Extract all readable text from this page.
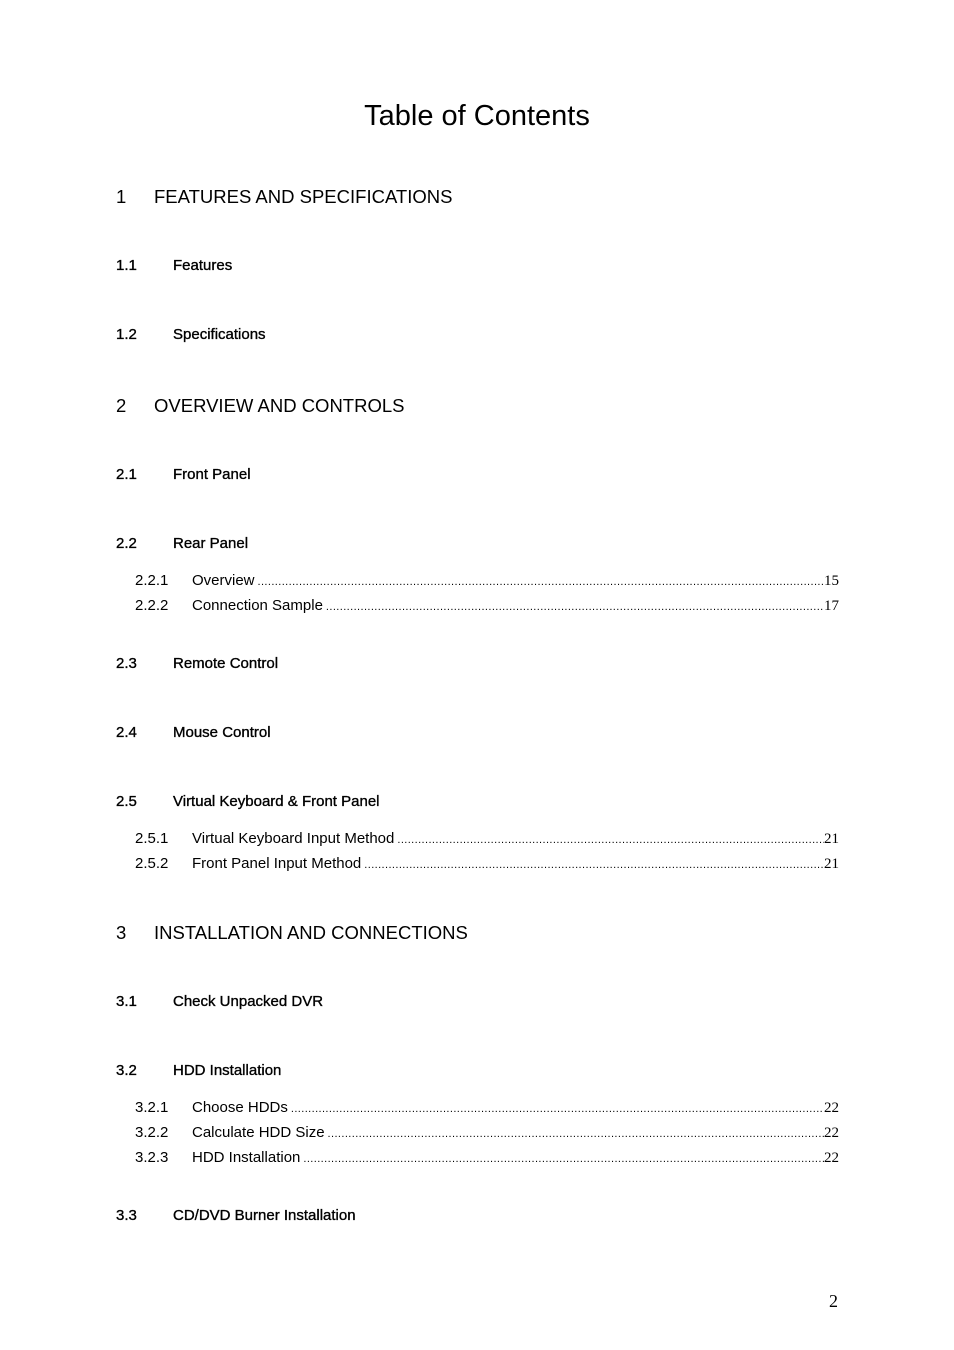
Table of Contents
1 FEATURES AND SPECIFICATIONS
1.1 Features
1.2 Specifications
2 OVERVIEW AND CONTROLS
2.1 Front Panel
2.2 Rear Panel
2.2.1	Overview .....	15
2.2.2	Connection Sample .....	17
2.3 Remote Control
2.4 Mouse Control
2.5 Virtual Keyboard & Front Panel
2.5.1	Virtual Keyboard Input Method .....	21
2.5.2	Front Panel Input Method .....	21
3 INSTALLATION AND CONNECTIONS
3.1 Check Unpacked DVR
3.2 HDD Installation
3.2.1	Choose HDDs .....	22
3.2.2	Calculate HDD Size .....	22
3.2.3	HDD Installation .....	22
3.3 CD/DVD Burner Installation
2
